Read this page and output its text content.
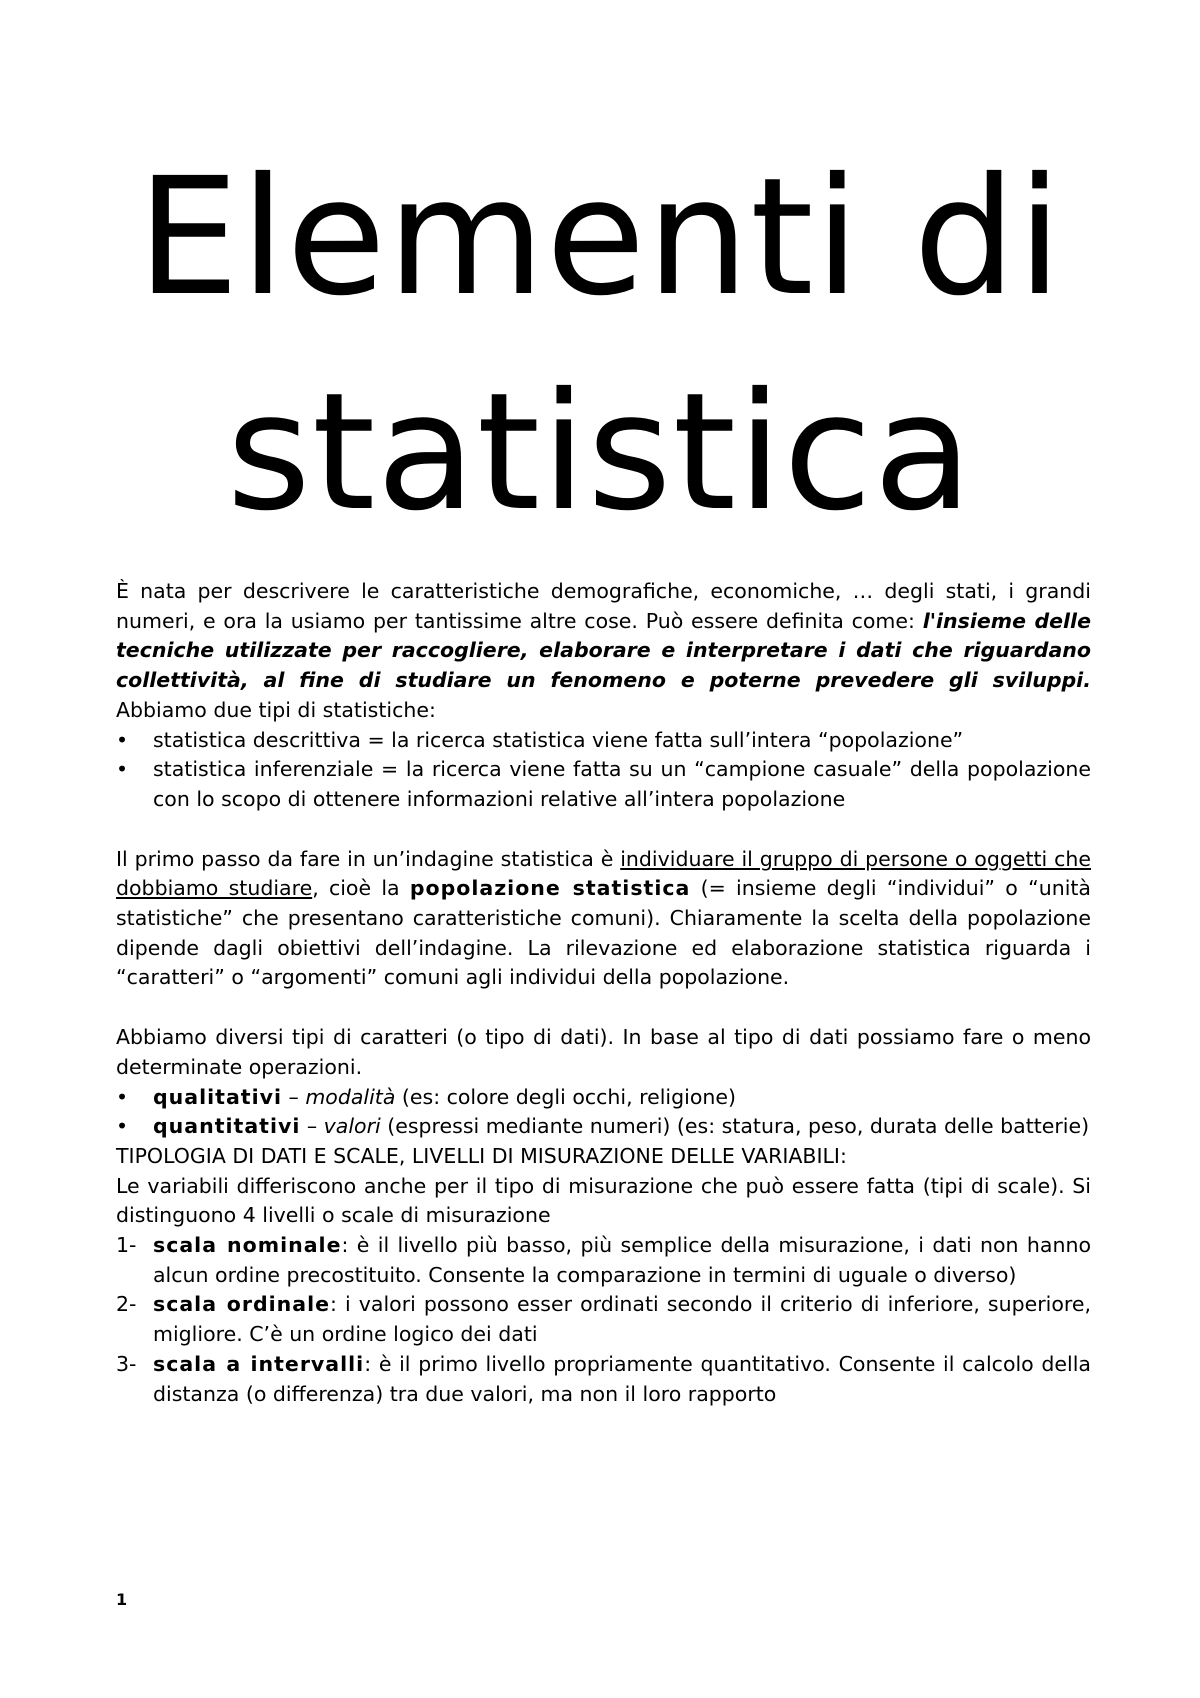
Elementi di
statistica

È nata per descrivere le caratteristiche demografiche, economiche, … degli stati, i grandi numeri, e ora la usiamo per tantissime altre cose. Può essere definita come: l'insieme delle tecniche utilizzate per raccogliere, elaborare e interpretare i dati che riguardano collettività, al fine di studiare un fenomeno e poterne prevedere gli sviluppi. Abbiamo due tipi di statistiche:

•	statistica descrittiva = la ricerca statistica viene fatta sull’intera “popolazione”
•	statistica inferenziale = la ricerca viene fatta su un “campione casuale” della popolazione con lo scopo di ottenere informazioni relative all’intera popolazione

Il primo passo da fare in un’indagine statistica è individuare il gruppo di persone o oggetti che dobbiamo studiare, cioè la popolazione statistica (= insieme degli “individui” o “unità statistiche” che presentano caratteristiche comuni). Chiaramente la scelta della popolazione dipende dagli obiettivi dell’indagine. La rilevazione ed elaborazione statistica riguarda i “caratteri” o “argomenti” comuni agli individui della popolazione.

Abbiamo diversi tipi di caratteri (o tipo di dati). In base al tipo di dati possiamo fare o meno determinate operazioni.

•	qualitativi – modalità (es: colore degli occhi, religione)
•	quantitativi – valori (espressi mediante numeri) (es: statura, peso, durata delle batterie)

TIPOLOGIA DI DATI E SCALE, LIVELLI DI MISURAZIONE DELLE VARIABILI:

Le variabili differiscono anche per il tipo di misurazione che può essere fatta (tipi di scale). Si distinguono 4 livelli o scale di misurazione

1- scala nominale: è il livello più basso, più semplice della misurazione, i dati non hanno alcun ordine precostituito. Consente la comparazione in termini di uguale o diverso)
2- scala ordinale: i valori possono esser ordinati secondo il criterio di inferiore, superiore, migliore. C’è un ordine logico dei dati
3- scala a intervalli: è il primo livello propriamente quantitativo. Consente il calcolo della distanza (o differenza) tra due valori, ma non il loro rapporto
1
